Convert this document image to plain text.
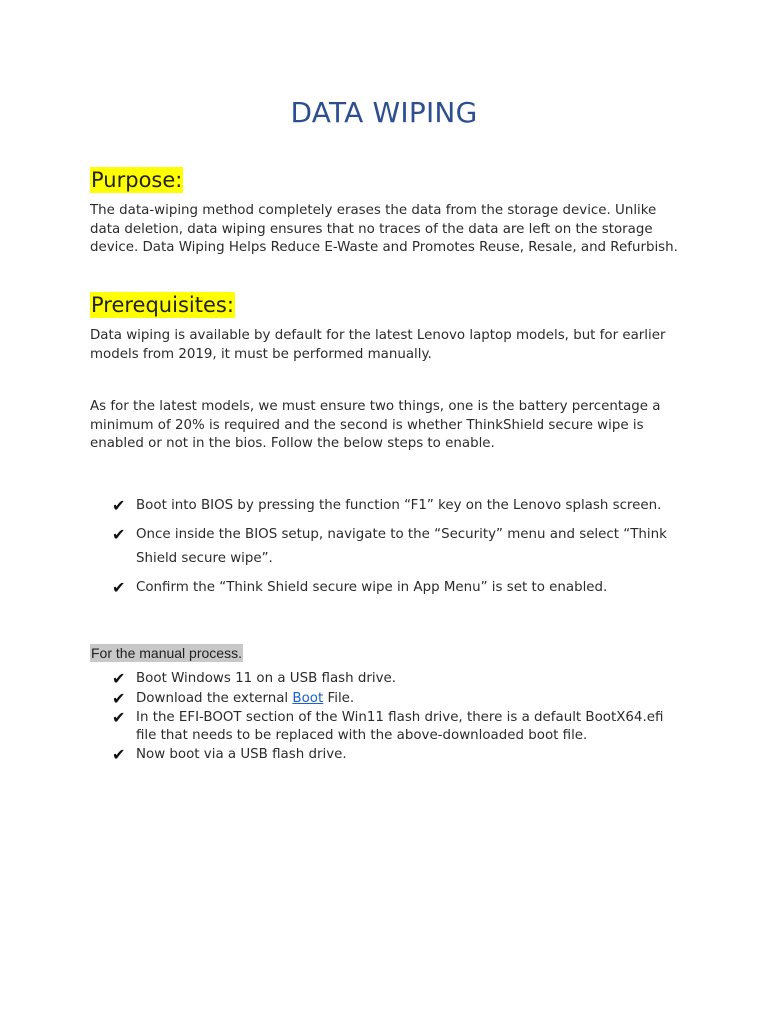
DATA WIPING
Purpose:
The data-wiping method completely erases the data from the storage device. Unlike data deletion, data wiping ensures that no traces of the data are left on the storage device. Data Wiping Helps Reduce E-Waste and Promotes Reuse, Resale, and Refurbish.
Prerequisites:
Data wiping is available by default for the latest Lenovo laptop models, but for earlier models from 2019, it must be performed manually.
As for the latest models, we must ensure two things, one is the battery percentage a minimum of 20% is required and the second is whether ThinkShield secure wipe is enabled or not in the bios. Follow the below steps to enable.
✔ Boot into BIOS by pressing the function “F1” key on the Lenovo splash screen.
✔ Once inside the BIOS setup, navigate to the “Security” menu and select “Think Shield secure wipe”.
✔ Confirm the “Think Shield secure wipe in App Menu” is set to enabled.
For the manual process.
✔ Boot Windows 11 on a USB flash drive.
✔ Download the external Boot File.
✔ In the EFI-BOOT section of the Win11 flash drive, there is a default BootX64.efi file that needs to be replaced with the above-downloaded boot file.
✔ Now boot via a USB flash drive.
